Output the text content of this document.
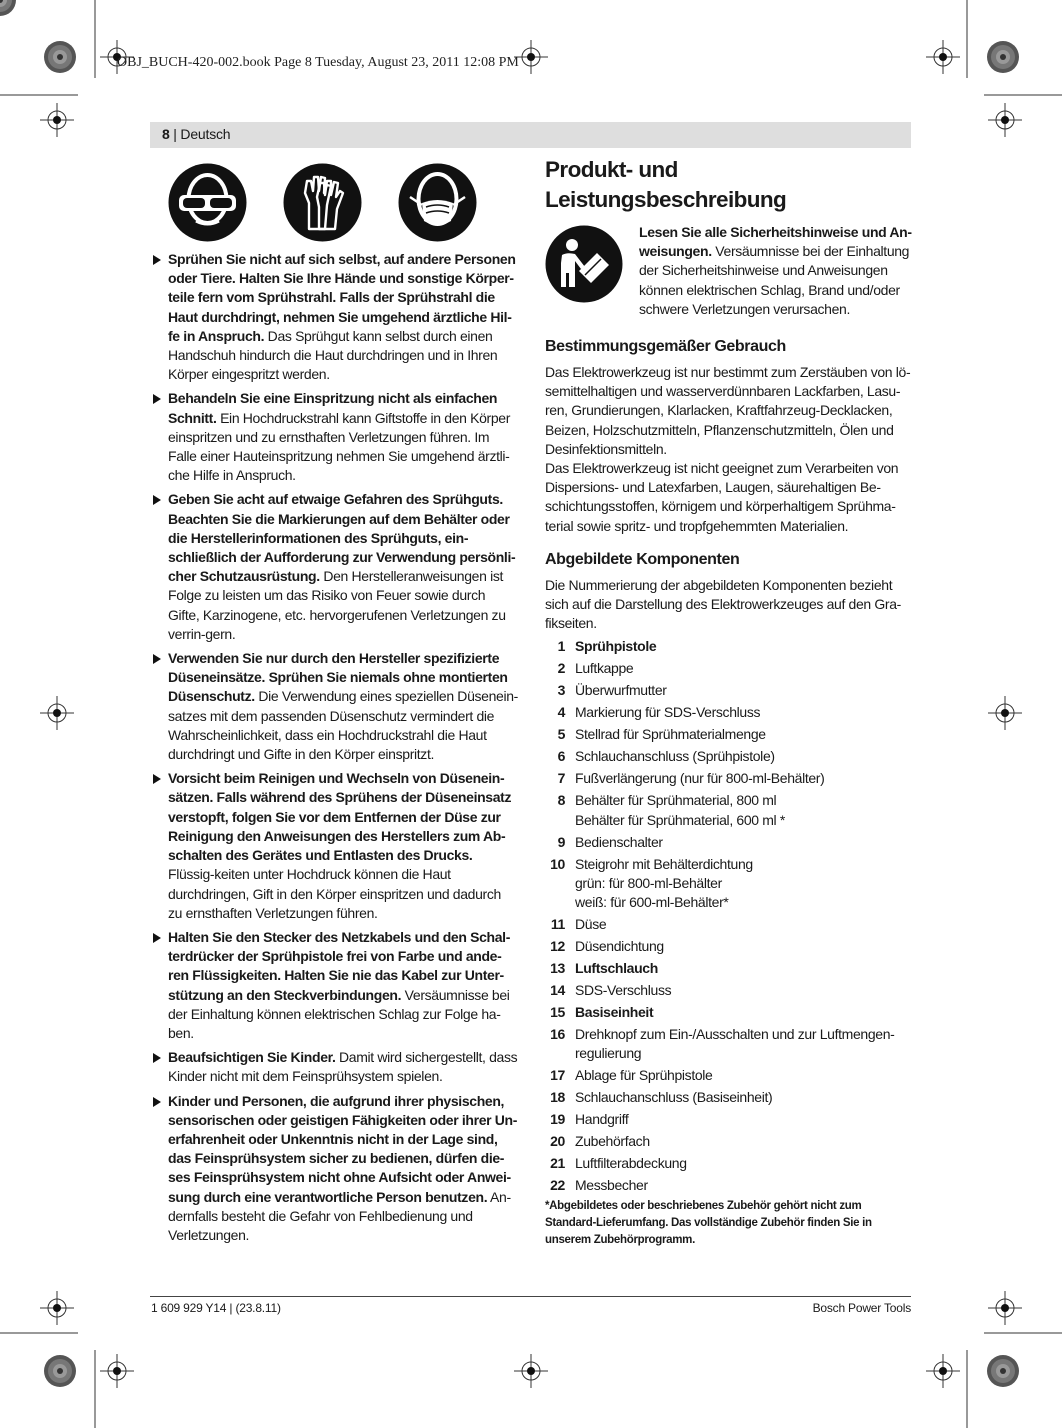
OBJ_BUCH-420-002.book Page 8 Tuesday, August 23, 2011 12:08 PM
8 | Deutsch
Sprühen Sie nicht auf sich selbst, auf andere Personen oder Tiere. Halten Sie Ihre Hände und sonstige Körper-teile fern vom Sprühstrahl. Falls der Sprühstrahl die Haut durchdringt, nehmen Sie umgehend ärztliche Hil-fe in Anspruch. Das Sprühgut kann selbst durch einen Handschuh hindurch die Haut durchdringen und in Ihren Körper eingespritzt werden.
Behandeln Sie eine Einspritzung nicht als einfachen Schnitt. Ein Hochdruckstrahl kann Giftstoffe in den Körper einspritzen und zu ernsthaften Verletzungen führen. Im Falle einer Hauteinspritzung nehmen Sie umgehend ärztli-che Hilfe in Anspruch.
Geben Sie acht auf etwaige Gefahren des Sprühguts. Beachten Sie die Markierungen auf dem Behälter oder die Herstellerinformationen des Sprühguts, ein-schließlich der Aufforderung zur Verwendung persönli-cher Schutzausrüstung. Den Herstelleranweisungen ist Folge zu leisten um das Risiko von Feuer sowie durch Gifte, Karzinogene, etc. hervorgerufenen Verletzungen zu verrin-gern.
Verwenden Sie nur durch den Hersteller spezifizierte Düseneinsätze. Sprühen Sie niemals ohne montierten Düsenschutz. Die Verwendung eines speziellen Düsenein-satzes mit dem passenden Düsenschutz vermindert die Wahrscheinlichkeit, dass ein Hochdruckstrahl die Haut durchdringt und Gifte in den Körper einspritzt.
Vorsicht beim Reinigen und Wechseln von Düsenein-sätzen. Falls während des Sprühens der Düseneinsatz verstopft, folgen Sie vor dem Entfernen der Düse zur Reinigung den Anweisungen des Herstellers zum Ab-schalten des Gerätes und Entlasten des Drucks. Flüssig-keiten unter Hochdruck können die Haut durchdringen, Gift in den Körper einspritzen und dadurch zu ernsthaften Verletzungen führen.
Halten Sie den Stecker des Netzkabels und den Schal-terdrücker der Sprühpistole frei von Farbe und ande-ren Flüssigkeiten. Halten Sie nie das Kabel zur Unter-stützung an den Steckverbindungen. Versäumnisse bei der Einhaltung können elektrischen Schlag zur Folge ha-ben.
Beaufsichtigen Sie Kinder. Damit wird sichergestellt, dass Kinder nicht mit dem Feinsprühsystem spielen.
Kinder und Personen, die aufgrund ihrer physischen, sensorischen oder geistigen Fähigkeiten oder ihrer Un-erfahrenheit oder Unkenntnis nicht in der Lage sind, das Feinsprühsystem sicher zu bedienen, dürfen die-ses Feinsprühsystem nicht ohne Aufsicht oder Anwei-sung durch eine verantwortliche Person benutzen. An-dernfalls besteht die Gefahr von Fehlbedienung und Verletzungen.
Produkt- und Leistungsbeschreibung
Lesen Sie alle Sicherheitshinweise und An-weisungen. Versäumnisse bei der Einhaltung der Sicherheitshinweise und Anweisungen können elektrischen Schlag, Brand und/oder schwere Verletzungen verursachen.
Bestimmungsgemäßer Gebrauch

Das Elektrowerkzeug ist nur bestimmt zum Zerstäuben von lö-semittelhaltigen und wasserverdünnbaren Lackfarben, Lasu-ren, Grundierungen, Klarlacken, Kraftfahrzeug-Decklacken, Beizen, Holzschutzmitteln, Pflanzenschutzmitteln, Ölen und Desinfektionsmitteln.

Das Elektrowerkzeug ist nicht geeignet zum Verarbeiten von Dispersions- und Latexfarben, Laugen, säurehaltigen Be-schichtungsstoffen, körnigem und körperhaltigem Sprühma-terial sowie spritz- und tropfgehemmten Materialien.

Abgebildete Komponenten

Die Nummerierung der abgebildeten Komponenten bezieht sich auf die Darstellung des Elektrowerkzeuges auf den Gra-fikseiten.

1 Sprühpistole
2 Luftkappe
3 Überwurfmutter
4 Markierung für SDS-Verschluss
5 Stellrad für Sprühmaterialmenge
6 Schlauchanschluss (Sprühpistole)
7 Fußverlängerung (nur für 800-ml-Behälter)
8 Behälter für Sprühmaterial, 800 ml
Behälter für Sprühmaterial, 600 ml *
9 Bedienschalter
10 Steigrohr mit Behälterdichtung
grün: für 800-ml-Behälter
weiß: für 600-ml-Behälter*
11 Düse
12 Düsendichtung
13 Luftschlauch
14 SDS-Verschluss
15 Basiseinheit
16 Drehknopf zum Ein-/Ausschalten und zur Luftmengen-
regulierung
17 Ablage für Sprühpistole
18 Schlauchanschluss (Basiseinheit)
19 Handgriff
20 Zubehörfach
21 Luftfilterabdeckung
22 Messbecher
*Abgebildetes oder beschriebenes Zubehör gehört nicht zum Standard-Lieferumfang. Das vollständige Zubehör finden Sie in unserem Zubehörprogramm.
1 609 929 Y14 | (23.8.11)	Bosch Power Tools
